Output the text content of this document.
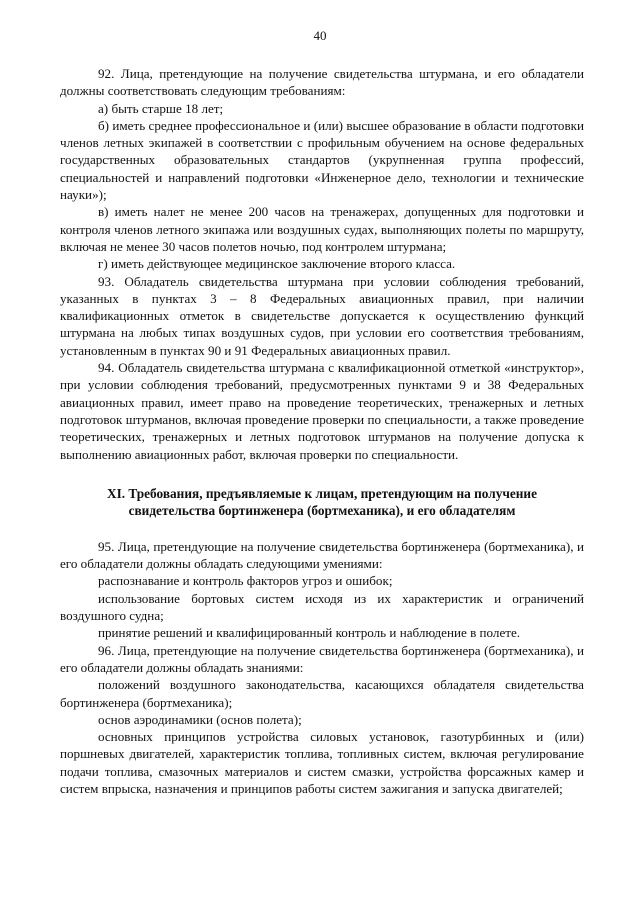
40

92. Лица, претендующие на получение свидетельства штурмана, и его обладатели должны соответствовать следующим требованиям:

а) быть старше 18 лет;

б) иметь среднее профессиональное и (или) высшее образование в области подготовки членов летных экипажей в соответствии с профильным обучением на основе федеральных государственных образовательных стандартов (укрупненная группа профессий, специальностей и направлений подготовки «Инженерное дело, технологии и технические науки»);

в) иметь налет не менее 200 часов на тренажерах, допущенных для подготовки и контроля членов летного экипажа или воздушных судах, выполняющих полеты по маршруту, включая не менее 30 часов полетов ночью, под контролем штурмана;

г) иметь действующее медицинское заключение второго класса.

93. Обладатель свидетельства штурмана при условии соблюдения требований, указанных в пунктах 3 – 8 Федеральных авиационных правил, при наличии квалификационных отметок в свидетельстве допускается к осуществлению функций штурмана на любых типах воздушных судов, при условии его соответствия требованиям, установленным в пунктах 90 и 91 Федеральных авиационных правил.

94. Обладатель свидетельства штурмана с квалификационной отметкой «инструктор», при условии соблюдения требований, предусмотренных пунктами 9 и 38 Федеральных авиационных правил, имеет право на проведение теоретических, тренажерных и летных подготовок штурманов, включая проведение проверки по специальности, а также проведение теоретических, тренажерных и летных подготовок штурманов на получение допуска к выполнению авиационных работ, включая проверки по специальности.

XI. Требования, предъявляемые к лицам, претендующим на получение
свидетельства бортинженера (бортмеханика), и его обладателям

95. Лица, претендующие на получение свидетельства бортинженера (бортмеханика), и его обладатели должны обладать следующими умениями:

распознавание и контроль факторов угроз и ошибок;

использование бортовых систем исходя из их характеристик и ограничений воздушного судна;

принятие решений и квалифицированный контроль и наблюдение в полете.

96. Лица, претендующие на получение свидетельства бортинженера (бортмеханика), и его обладатели должны обладать знаниями:

положений воздушного законодательства, касающихся обладателя свидетельства бортинженера (бортмеханика);

основ аэродинамики (основ полета);

основных принципов устройства силовых установок, газотурбинных и (или) поршневых двигателей, характеристик топлива, топливных систем, включая регулирование подачи топлива, смазочных материалов и систем смазки, устройства форсажных камер и систем впрыска, назначения и принципов работы систем зажигания и запуска двигателей;
